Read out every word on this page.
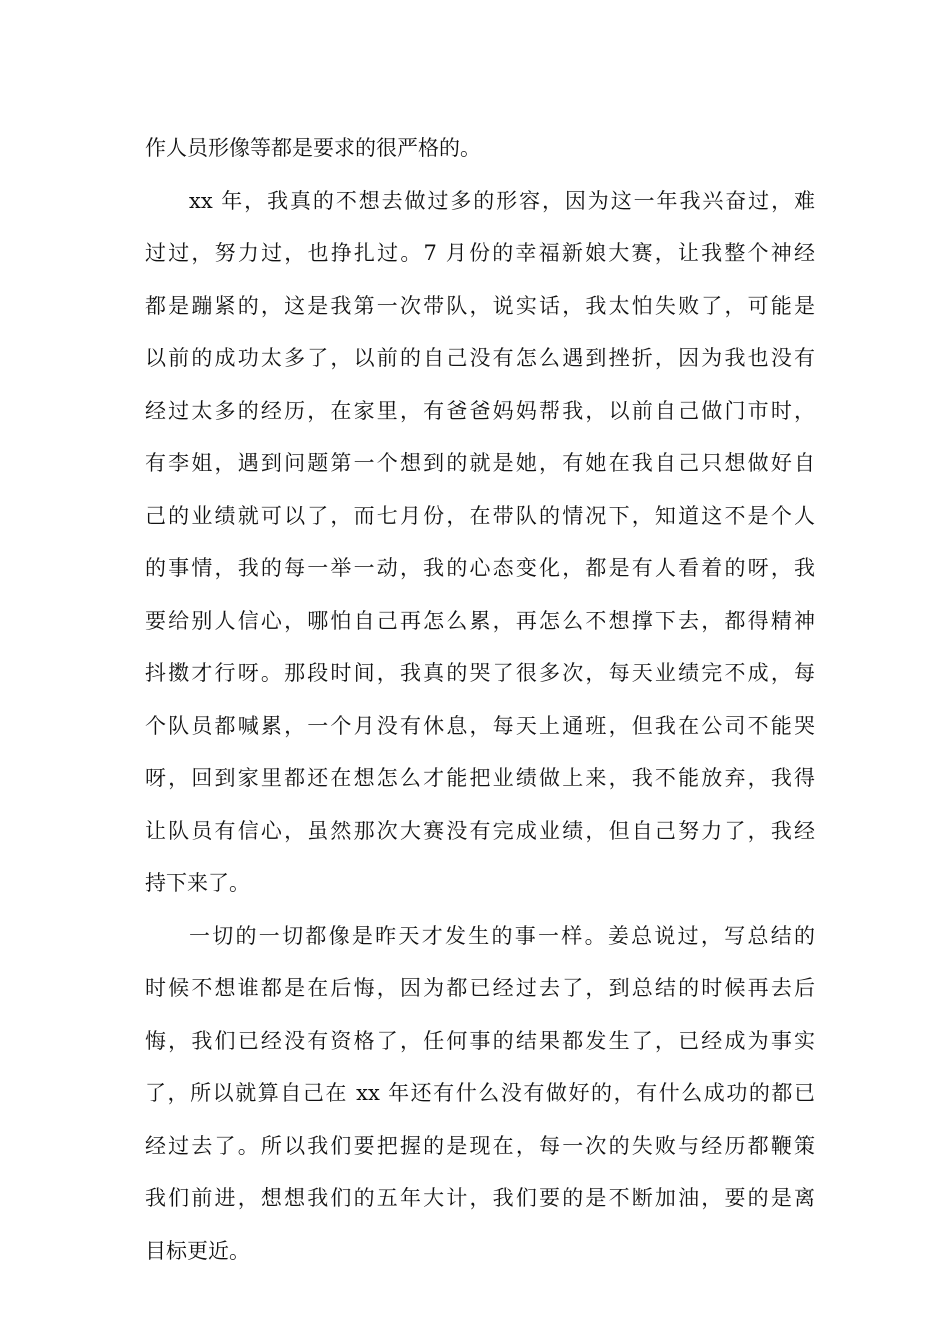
作人员形像等都是要求的很严格的。
xx 年，我真的不想去做过多的形容，因为这一年我兴奋过，难
过过，努力过，也挣扎过。7 月份的幸福新娘大赛，让我整个神经
都是蹦紧的，这是我第一次带队，说实话，我太怕失败了，可能是
以前的成功太多了，以前的自己没有怎么遇到挫折，因为我也没有
经过太多的经历，在家里，有爸爸妈妈帮我，以前自己做门市时，
有李姐，遇到问题第一个想到的就是她，有她在我自己只想做好自
己的业绩就可以了，而七月份，在带队的情况下，知道这不是个人
的事情，我的每一举一动，我的心态变化，都是有人看着的呀，我
要给别人信心，哪怕自己再怎么累，再怎么不想撑下去，都得精神
抖擞才行呀。那段时间，我真的哭了很多次，每天业绩完不成，每
个队员都喊累，一个月没有休息，每天上通班，但我在公司不能哭
呀，回到家里都还在想怎么才能把业绩做上来，我不能放弃，我得
让队员有信心，虽然那次大赛没有完成业绩，但自己努力了，我经
持下来了。
一切的一切都像是昨天才发生的事一样。姜总说过，写总结的
时候不想谁都是在后悔，因为都已经过去了，到总结的时候再去后
悔，我们已经没有资格了，任何事的结果都发生了，已经成为事实
了，所以就算自己在 xx 年还有什么没有做好的，有什么成功的都已
经过去了。所以我们要把握的是现在，每一次的失败与经历都鞭策
我们前进，想想我们的五年大计，我们要的是不断加油，要的是离
目标更近。
